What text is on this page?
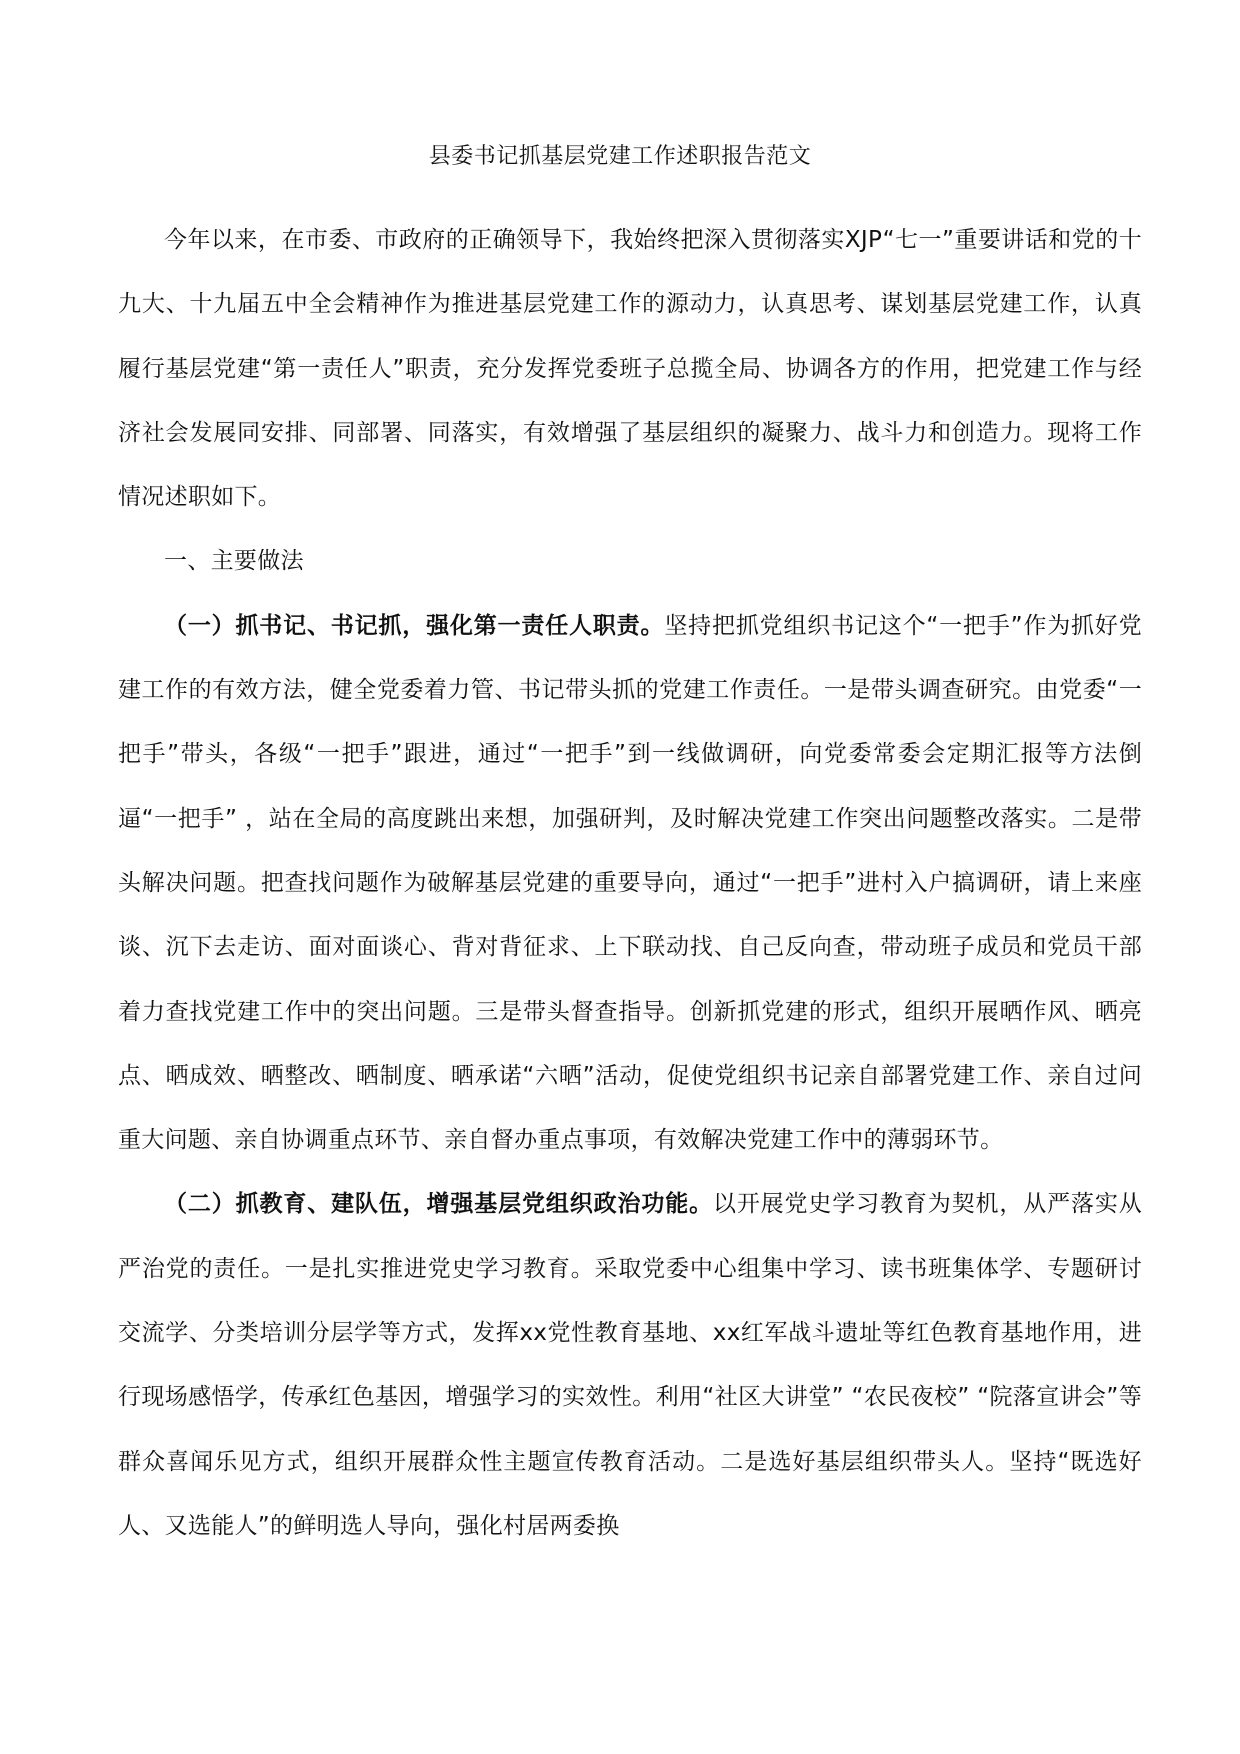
县委书记抓基层党建工作述职报告范文

今年以来，在市委、市政府的正确领导下，我始终把深入贯彻落实XJP“七一”重要讲话和党的十九大、十九届五中全会精神作为推进基层党建工作的源动力，认真思考、谋划基层党建工作，认真履行基层党建“第一责任人”职责，充分发挥党委班子总揽全局、协调各方的作用，把党建工作与经济社会发展同安排、同部署、同落实，有效增强了基层组织的凝聚力、战斗力和创造力。现将工作情况述职如下。

一、主要做法

（一）抓书记、书记抓，强化第一责任人职责。坚持把抓党组织书记这个“一把手”作为抓好党建工作的有效方法，健全党委着力管、书记带头抓的党建工作责任。一是带头调查研究。由党委“一把手”带头，各级“一把手”跟进，通过“一把手”到一线做调研，向党委常委会定期汇报等方法倒逼“一把手” ，站在全局的高度跳出来想，加强研判，及时解决党建工作突出问题整改落实。二是带头解决问题。把查找问题作为破解基层党建的重要导向，通过“一把手”进村入户搞调研，请上来座谈、沉下去走访、面对面谈心、背对背征求、上下联动找、自己反向查，带动班子成员和党员干部着力查找党建工作中的突出问题。三是带头督查指导。创新抓党建的形式，组织开展晒作风、晒亮点、晒成效、晒整改、晒制度、晒承诺“六晒”活动，促使党组织书记亲自部署党建工作、亲自过问重大问题、亲自协调重点环节、亲自督办重点事项，有效解决党建工作中的薄弱环节。

（二）抓教育、建队伍，增强基层党组织政治功能。以开展党史学习教育为契机，从严落实从严治党的责任。一是扎实推进党史学习教育。采取党委中心组集中学习、读书班集体学、专题研讨交流学、分类培训分层学等方式，发挥xx党性教育基地、xx红军战斗遗址等红色教育基地作用，进行现场感悟学，传承红色基因，增强学习的实效性。利用“社区大讲堂” “农民夜校” “院落宣讲会”等群众喜闻乐见方式，组织开展群众性主题宣传教育活动。二是选好基层组织带头人。坚持“既选好人、又选能人”的鲜明选人导向，强化村居两委换
